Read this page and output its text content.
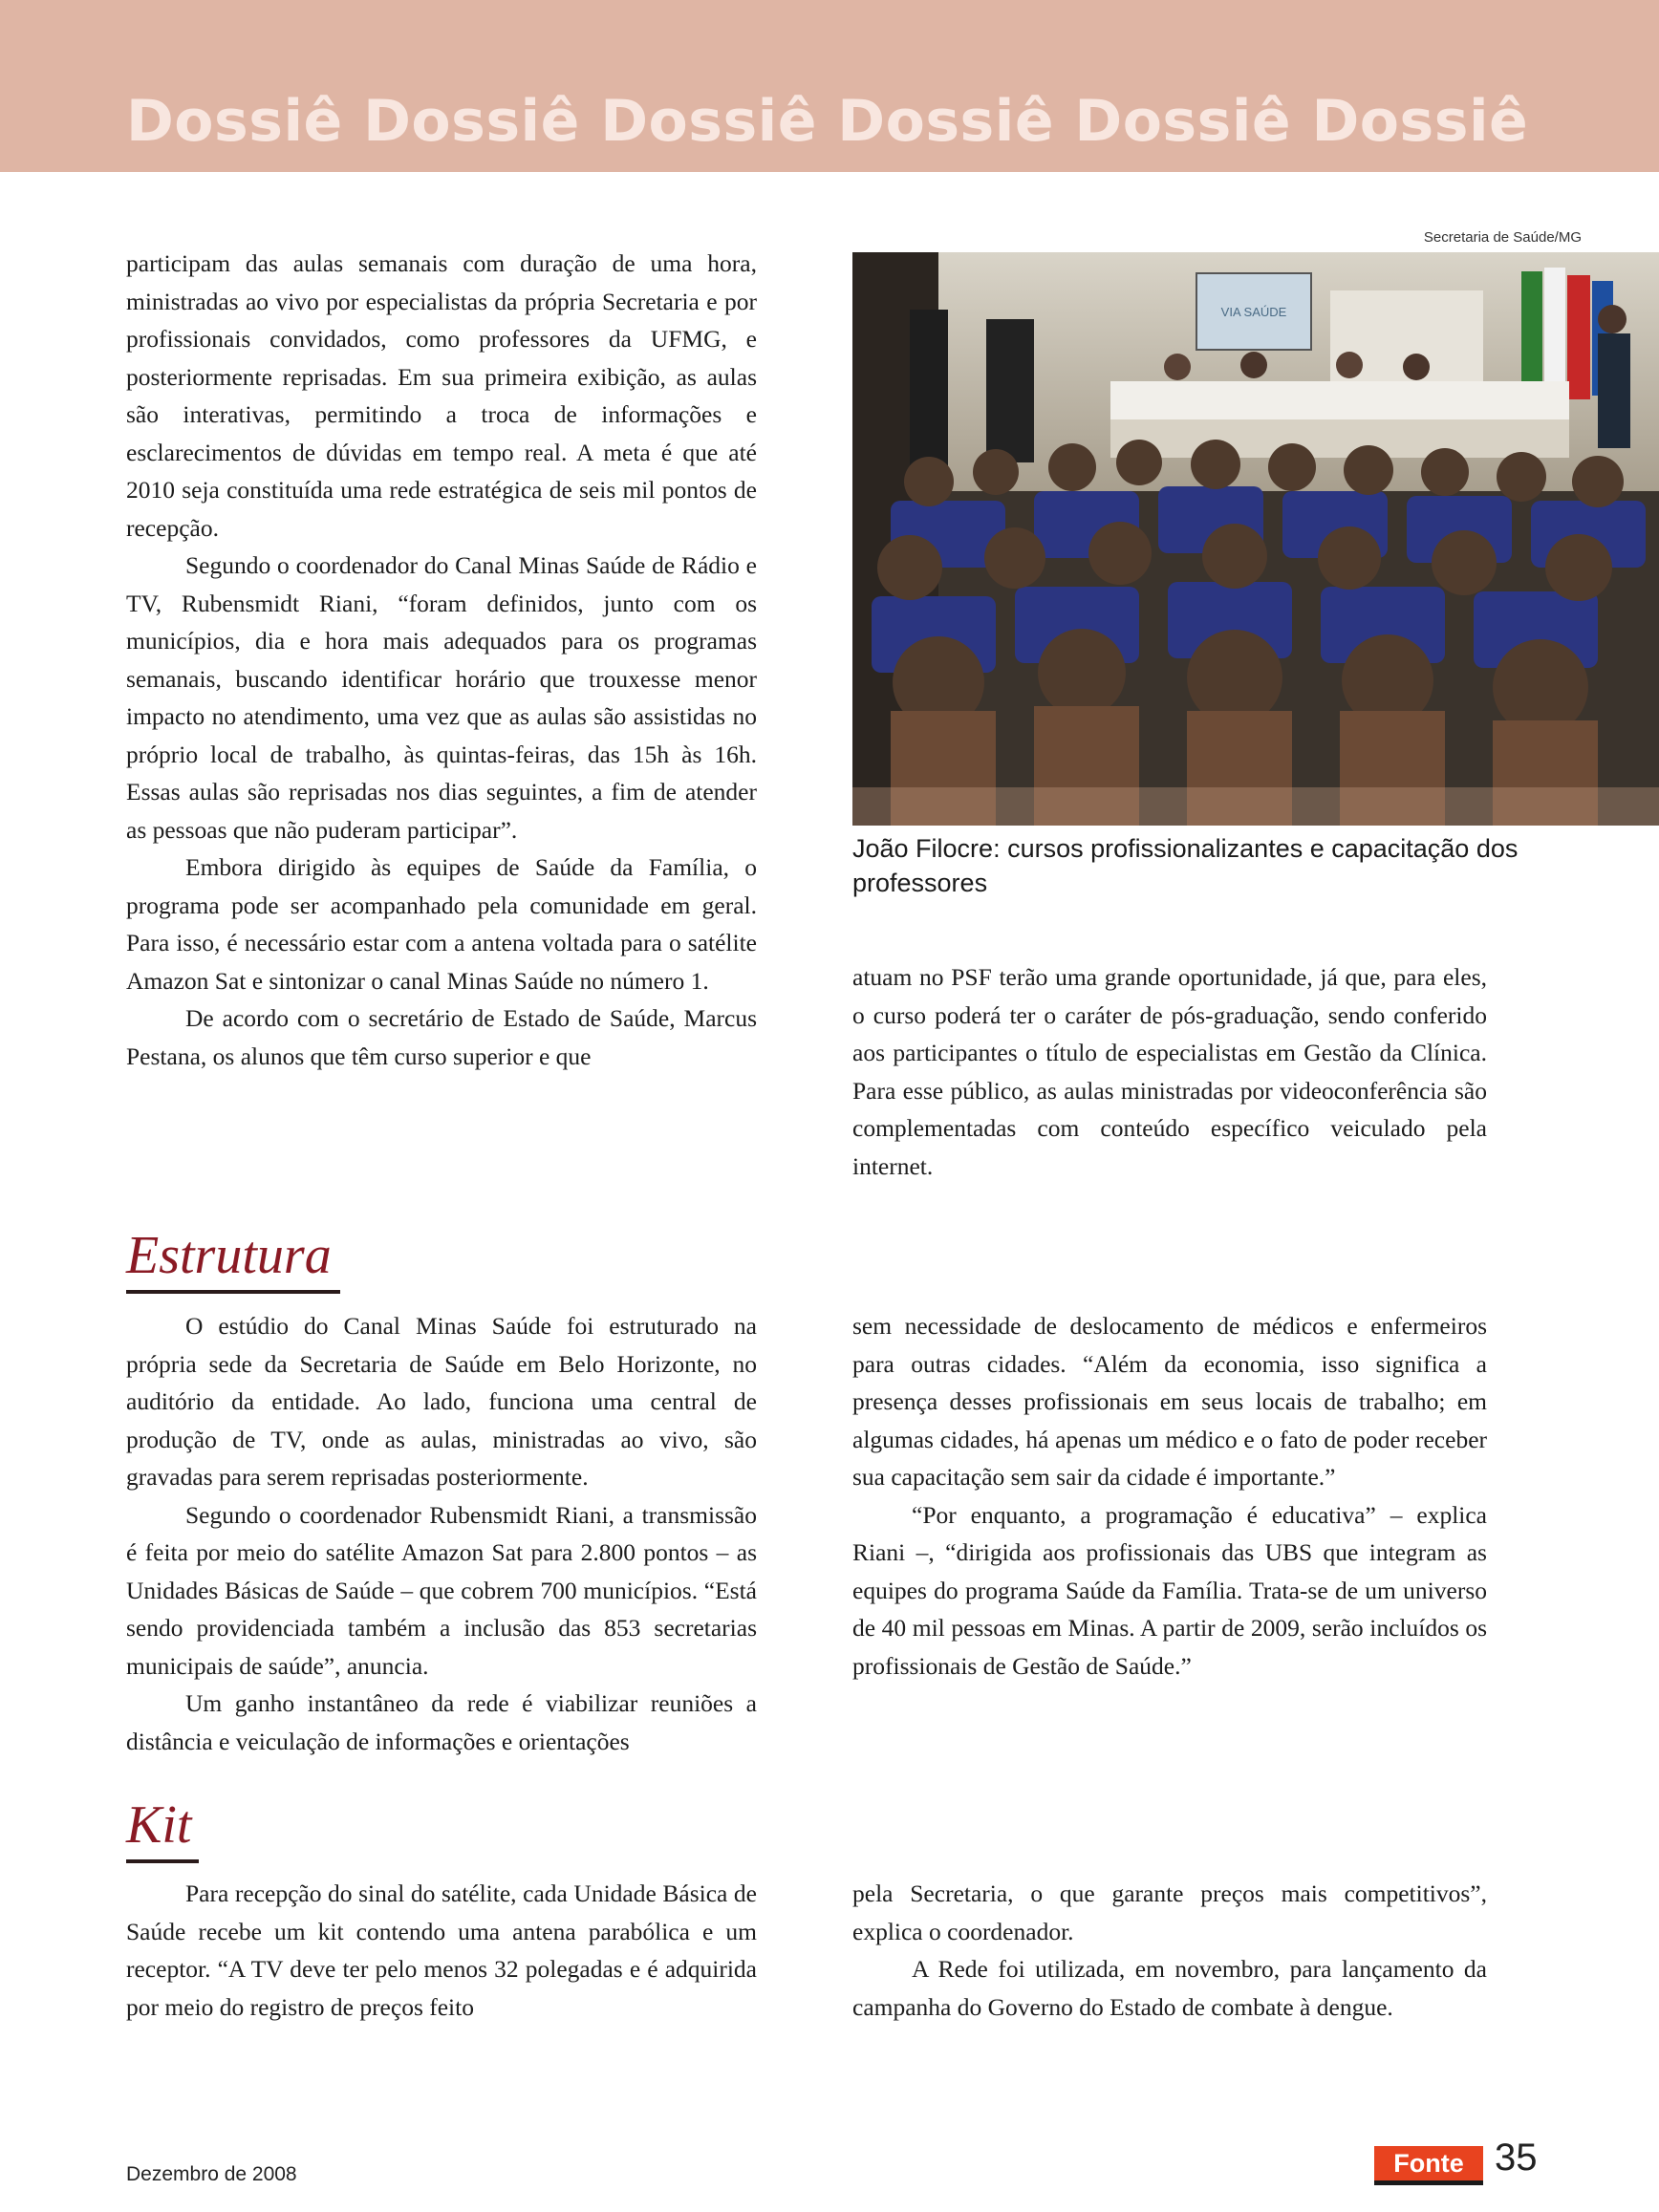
Dossiê Dossiê Dossiê Dossiê Dossiê Dossiê

participam das aulas semanais com duração de uma hora, ministradas ao vivo por especialistas da própria Secretaria e por profissionais convidados, como professores da UFMG, e posteriormente reprisadas. Em sua primeira exibição, as aulas são interativas, permitindo a troca de informações e esclarecimentos de dúvidas em tempo real. A meta é que até 2010 seja constituída uma rede estratégica de seis mil pontos de recepção.

Segundo o coordenador do Canal Minas Saúde de Rádio e TV, Rubensmidt Riani, “foram definidos, junto com os municípios, dia e hora mais adequados para os programas semanais, buscando identificar horário que trouxesse menor impacto no atendimento, uma vez que as aulas são assistidas no próprio local de trabalho, às quintas-feiras, das 15h às 16h. Essas aulas são reprisadas nos dias seguintes, a fim de atender as pessoas que não puderam participar”.

Embora dirigido às equipes de Saúde da Família, o programa pode ser acompanhado pela comunidade em geral. Para isso, é necessário estar com a antena voltada para o satélite Amazon Sat e sintonizar o canal Minas Saúde no número 1.

De acordo com o secretário de Estado de Saúde, Marcus Pestana, os alunos que têm curso superior e que

Secretaria de Saúde/MG
VIA SAÚDE
João Filocre: cursos profissionalizantes e capacitação dos professores

atuam no PSF terão uma grande oportunidade, já que, para eles, o curso poderá ter o caráter de pós-graduação, sendo conferido aos participantes o título de especialistas em Gestão da Clínica. Para esse público, as aulas ministradas por videoconferência são complementadas com conteúdo específico veiculado pela internet.

Estrutura

O estúdio do Canal Minas Saúde foi estruturado na própria sede da Secretaria de Saúde em Belo Horizonte, no auditório da entidade. Ao lado, funciona uma central de produção de TV, onde as aulas, ministradas ao vivo, são gravadas para serem reprisadas posteriormente.

Segundo o coordenador Rubensmidt Riani, a transmissão é feita por meio do satélite Amazon Sat para 2.800 pontos – as Unidades Básicas de Saúde – que cobrem 700 municípios. “Está sendo providenciada também a inclusão das 853 secretarias municipais de saúde”, anuncia.

Um ganho instantâneo da rede é viabilizar reuniões a distância e veiculação de informações e orientações

sem necessidade de deslocamento de médicos e enfermeiros para outras cidades. “Além da economia, isso significa a presença desses profissionais em seus locais de trabalho; em algumas cidades, há apenas um médico e o fato de poder receber sua capacitação sem sair da cidade é importante.”

“Por enquanto, a programação é educativa” – explica Riani –, “dirigida aos profissionais das UBS que integram as equipes do programa Saúde da Família. Trata-se de um universo de 40 mil pessoas em Minas. A partir de 2009, serão incluídos os profissionais de Gestão de Saúde.”

Kit

Para recepção do sinal do satélite, cada Unidade Básica de Saúde recebe um kit contendo uma antena parabólica e um receptor. “A TV deve ter pelo menos 32 polegadas e é adquirida por meio do registro de preços feito

pela Secretaria, o que garante preços mais competitivos”, explica o coordenador.

A Rede foi utilizada, em novembro, para lançamento da campanha do Governo do Estado de combate à dengue.

Dezembro de 2008	Fonte 35
